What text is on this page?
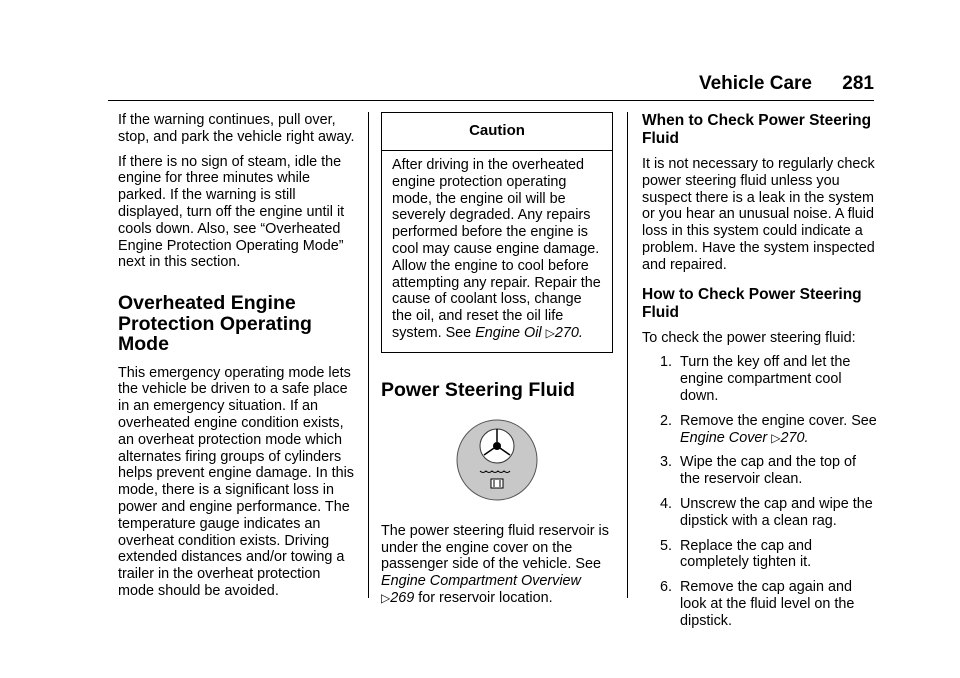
Vehicle Care 281

If the warning continues, pull over, stop, and park the vehicle right away.

If there is no sign of steam, idle the engine for three minutes while parked. If the warning is still displayed, turn off the engine until it cools down. Also, see “Overheated Engine Protection Operating Mode” next in this section.

Overheated Engine Protection Operating Mode

This emergency operating mode lets the vehicle be driven to a safe place in an emergency situation. If an overheated engine condition exists, an overheat protection mode which alternates firing groups of cylinders helps prevent engine damage. In this mode, there is a significant loss in power and engine performance. The temperature gauge indicates an overheat condition exists. Driving extended distances and/or towing a trailer in the overheat protection mode should be avoided.

Caution

After driving in the overheated engine protection operating mode, the engine oil will be severely degraded. Any repairs performed before the engine is cool may cause engine damage. Allow the engine to cool before attempting any repair. Repair the cause of coolant loss, change the oil, and reset the oil life system. See Engine Oil ▷270.

Power Steering Fluid

The power steering fluid reservoir is under the engine cover on the passenger side of the vehicle. See Engine Compartment Overview
▷269 for reservoir location.

When to Check Power Steering Fluid

It is not necessary to regularly check power steering fluid unless you suspect there is a leak in the system or you hear an unusual noise. A fluid loss in this system could indicate a problem. Have the system inspected and repaired.

How to Check Power Steering Fluid

To check the power steering fluid:

1. Turn the key off and let the engine compartment cool down.
2. Remove the engine cover. See
Engine Cover ▷270.
3. Wipe the cap and the top of the reservoir clean.
4. Unscrew the cap and wipe the dipstick with a clean rag.
5. Replace the cap and completely tighten it.
6. Remove the cap again and look at the fluid level on the dipstick.
